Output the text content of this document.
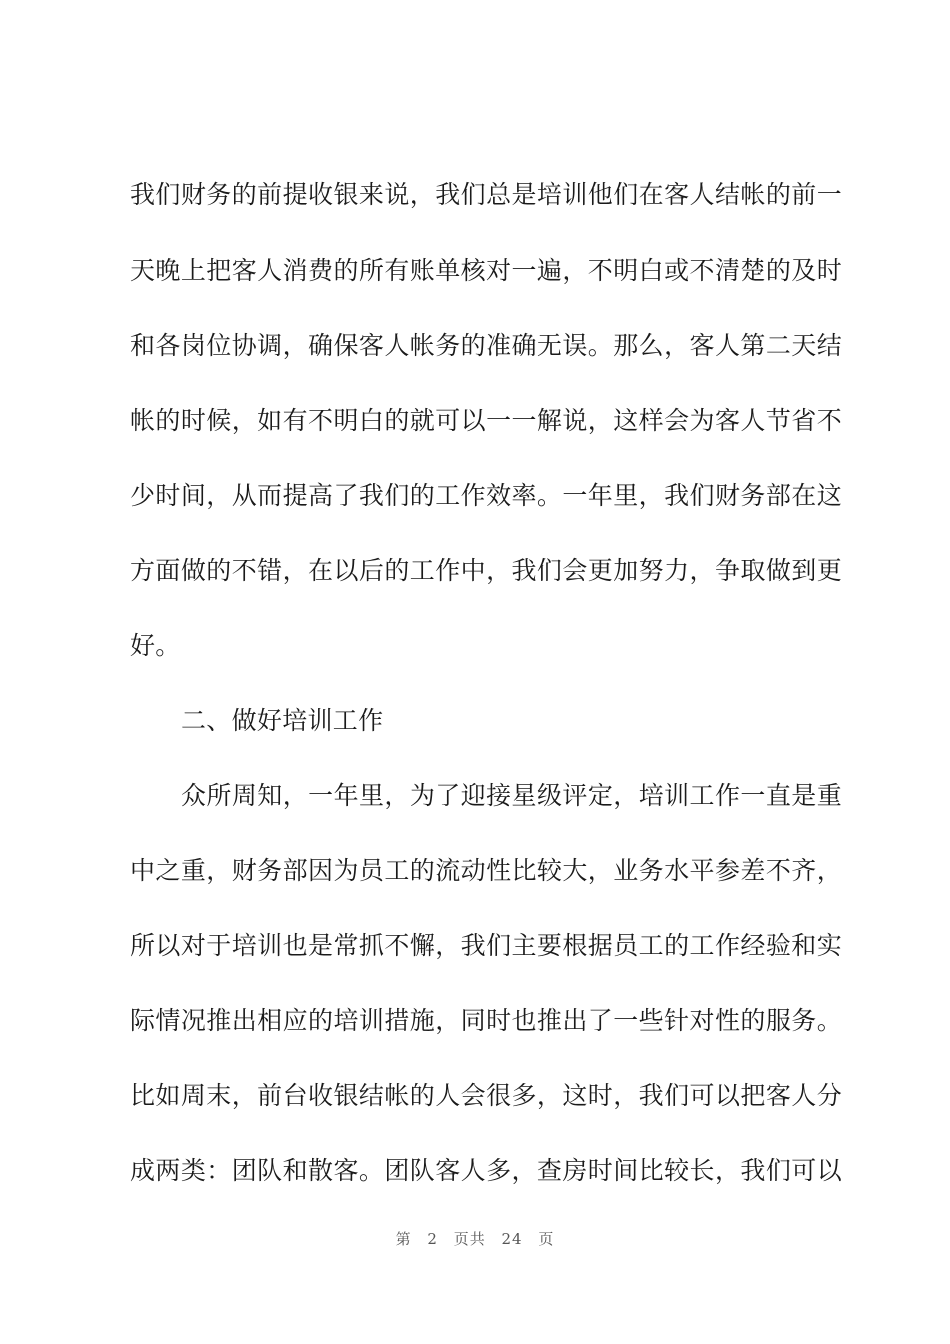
我们财务的前提收银来说，我们总是培训他们在客人结帐的前一
天晚上把客人消费的所有账单核对一遍，不明白或不清楚的及时
和各岗位协调，确保客人帐务的准确无误。那么，客人第二天结
帐的时候，如有不明白的就可以一一解说，这样会为客人节省不
少时间，从而提高了我们的工作效率。一年里，我们财务部在这
方面做的不错，在以后的工作中，我们会更加努力，争取做到更
好。
二、做好培训工作
众所周知，一年里，为了迎接星级评定，培训工作一直是重
中之重，财务部因为员工的流动性比较大，业务水平参差不齐，
所以对于培训也是常抓不懈，我们主要根据员工的工作经验和实
际情况推出相应的培训措施，同时也推出了一些针对性的服务。
比如周末，前台收银结帐的人会很多，这时，我们可以把客人分
成两类：团队和散客。团队客人多，查房时间比较长，我们可以
第 2 页共 24 页
